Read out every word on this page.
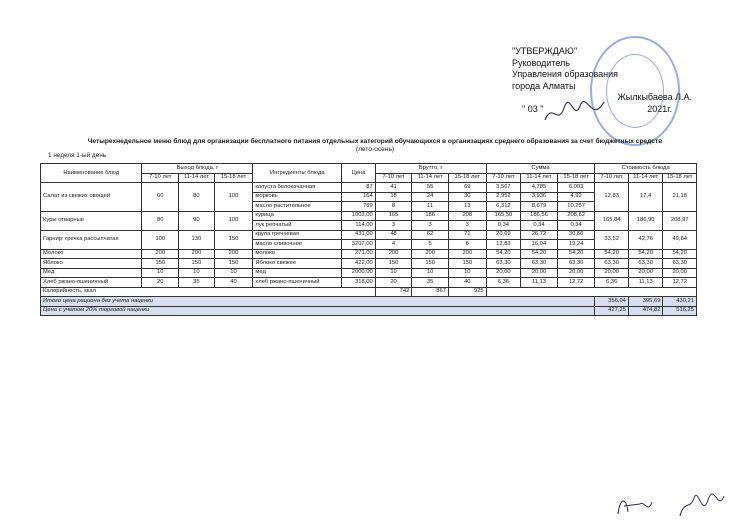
"УТВЕРЖДАЮ"
Руководитель
Управления образования
города Алматы
Жылкыбаева Л.А.
" 03 "	2021г.
Четырехнедельное меню блюд для организации бесплатного питания отдельных категорий обучающихся в организациях среднего образования за счет бюджетных средств
(лето-осень)
1 неделя 1-ый день
Наименование блюд	Выход блюда, г			Ингредиенты блюда	Цена	Брутто, г			Сумма			Стоимость блюда		
	7-10 лет	11-14 лет	15-18 лет			7-10 лет	11-14 лет	15-18 лет	7-10 лет	11-14 лет	15-18 лет	7-10 лет	11-14 лет	15-18 лет
Салат из свежих овощей	60	80	100	капуста белокачанная	87	41	55	69	3,567	4,785	6,003	12,83	17,4	21,18
				морковь	164	18	24	30	2,952	3,936	4,92			
				масло растительное	789	8	11	13	6,312	8,679	10,257			
Куры отварные	80	90	100	курица	1003,00	165	186	208	165,50	186,56	208,62	165,84	186,90	208,97
				лук репчатый	114,00	3	3	3	0,34	0,34	0,34			
Гарнир: гречка рассыпчатая	100	130	150	крупа гречневая	431,00	48	62	71	20,69	26,72	30,60	33,52	42,76	49,84
				масло сливочное	3207,00	4	5	6	12,83	16,04	19,24			
Молоко	200	200	200	молоко	271,00	200	200	200	54,20	54,20	54,20	54,20	54,20	54,20
Яблоко	150	150	150	Яблоко свежее	422,00	150	150	150	63,30	63,30	63,30	63,30	63,30	63,30
Мед	10	10	10	мед	2000,00	10	10	10	20,00	20,00	20,00	20,00	20,00	20,00
Хлеб ржано-пшеничный	20	35	40	хлеб ржано-пшеничный	318,00	20	35	40	6,36	11,13	12,72	6,36	11,13	12,72
Калорийность, ккал						742	867	925						
Итого цена рациона без учета наценки												356,04	395,69	430,21
Цена с учетом 20% торговой наценки												427,25	474,82	516,25
